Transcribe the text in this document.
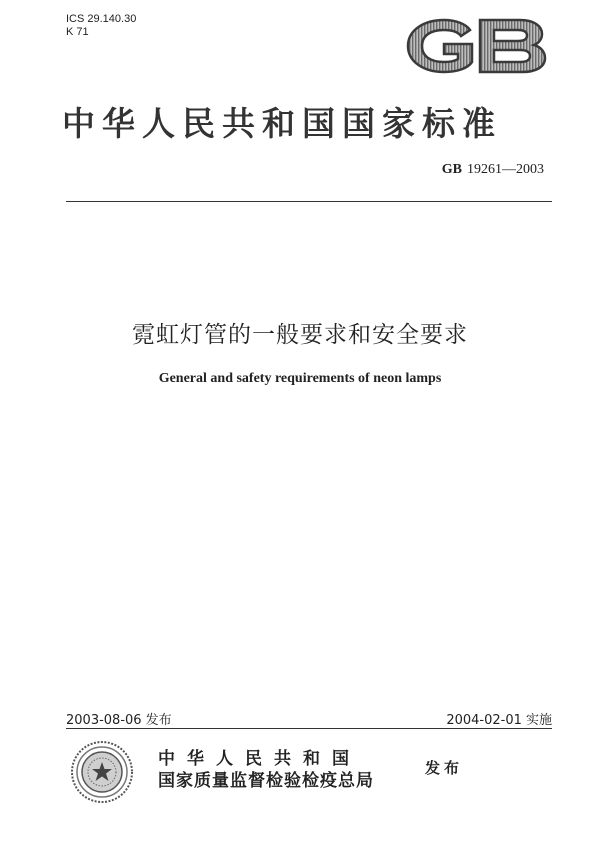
ICS 29.140.30
K 71
中华人民共和国国家标准
GB 19261—2003
霓虹灯管的一般要求和安全要求
General and safety requirements of neon lamps
2003-08-06 发布	2004-02-01 实施
中华人民共和国
国家质量监督检验检疫总局
发布
